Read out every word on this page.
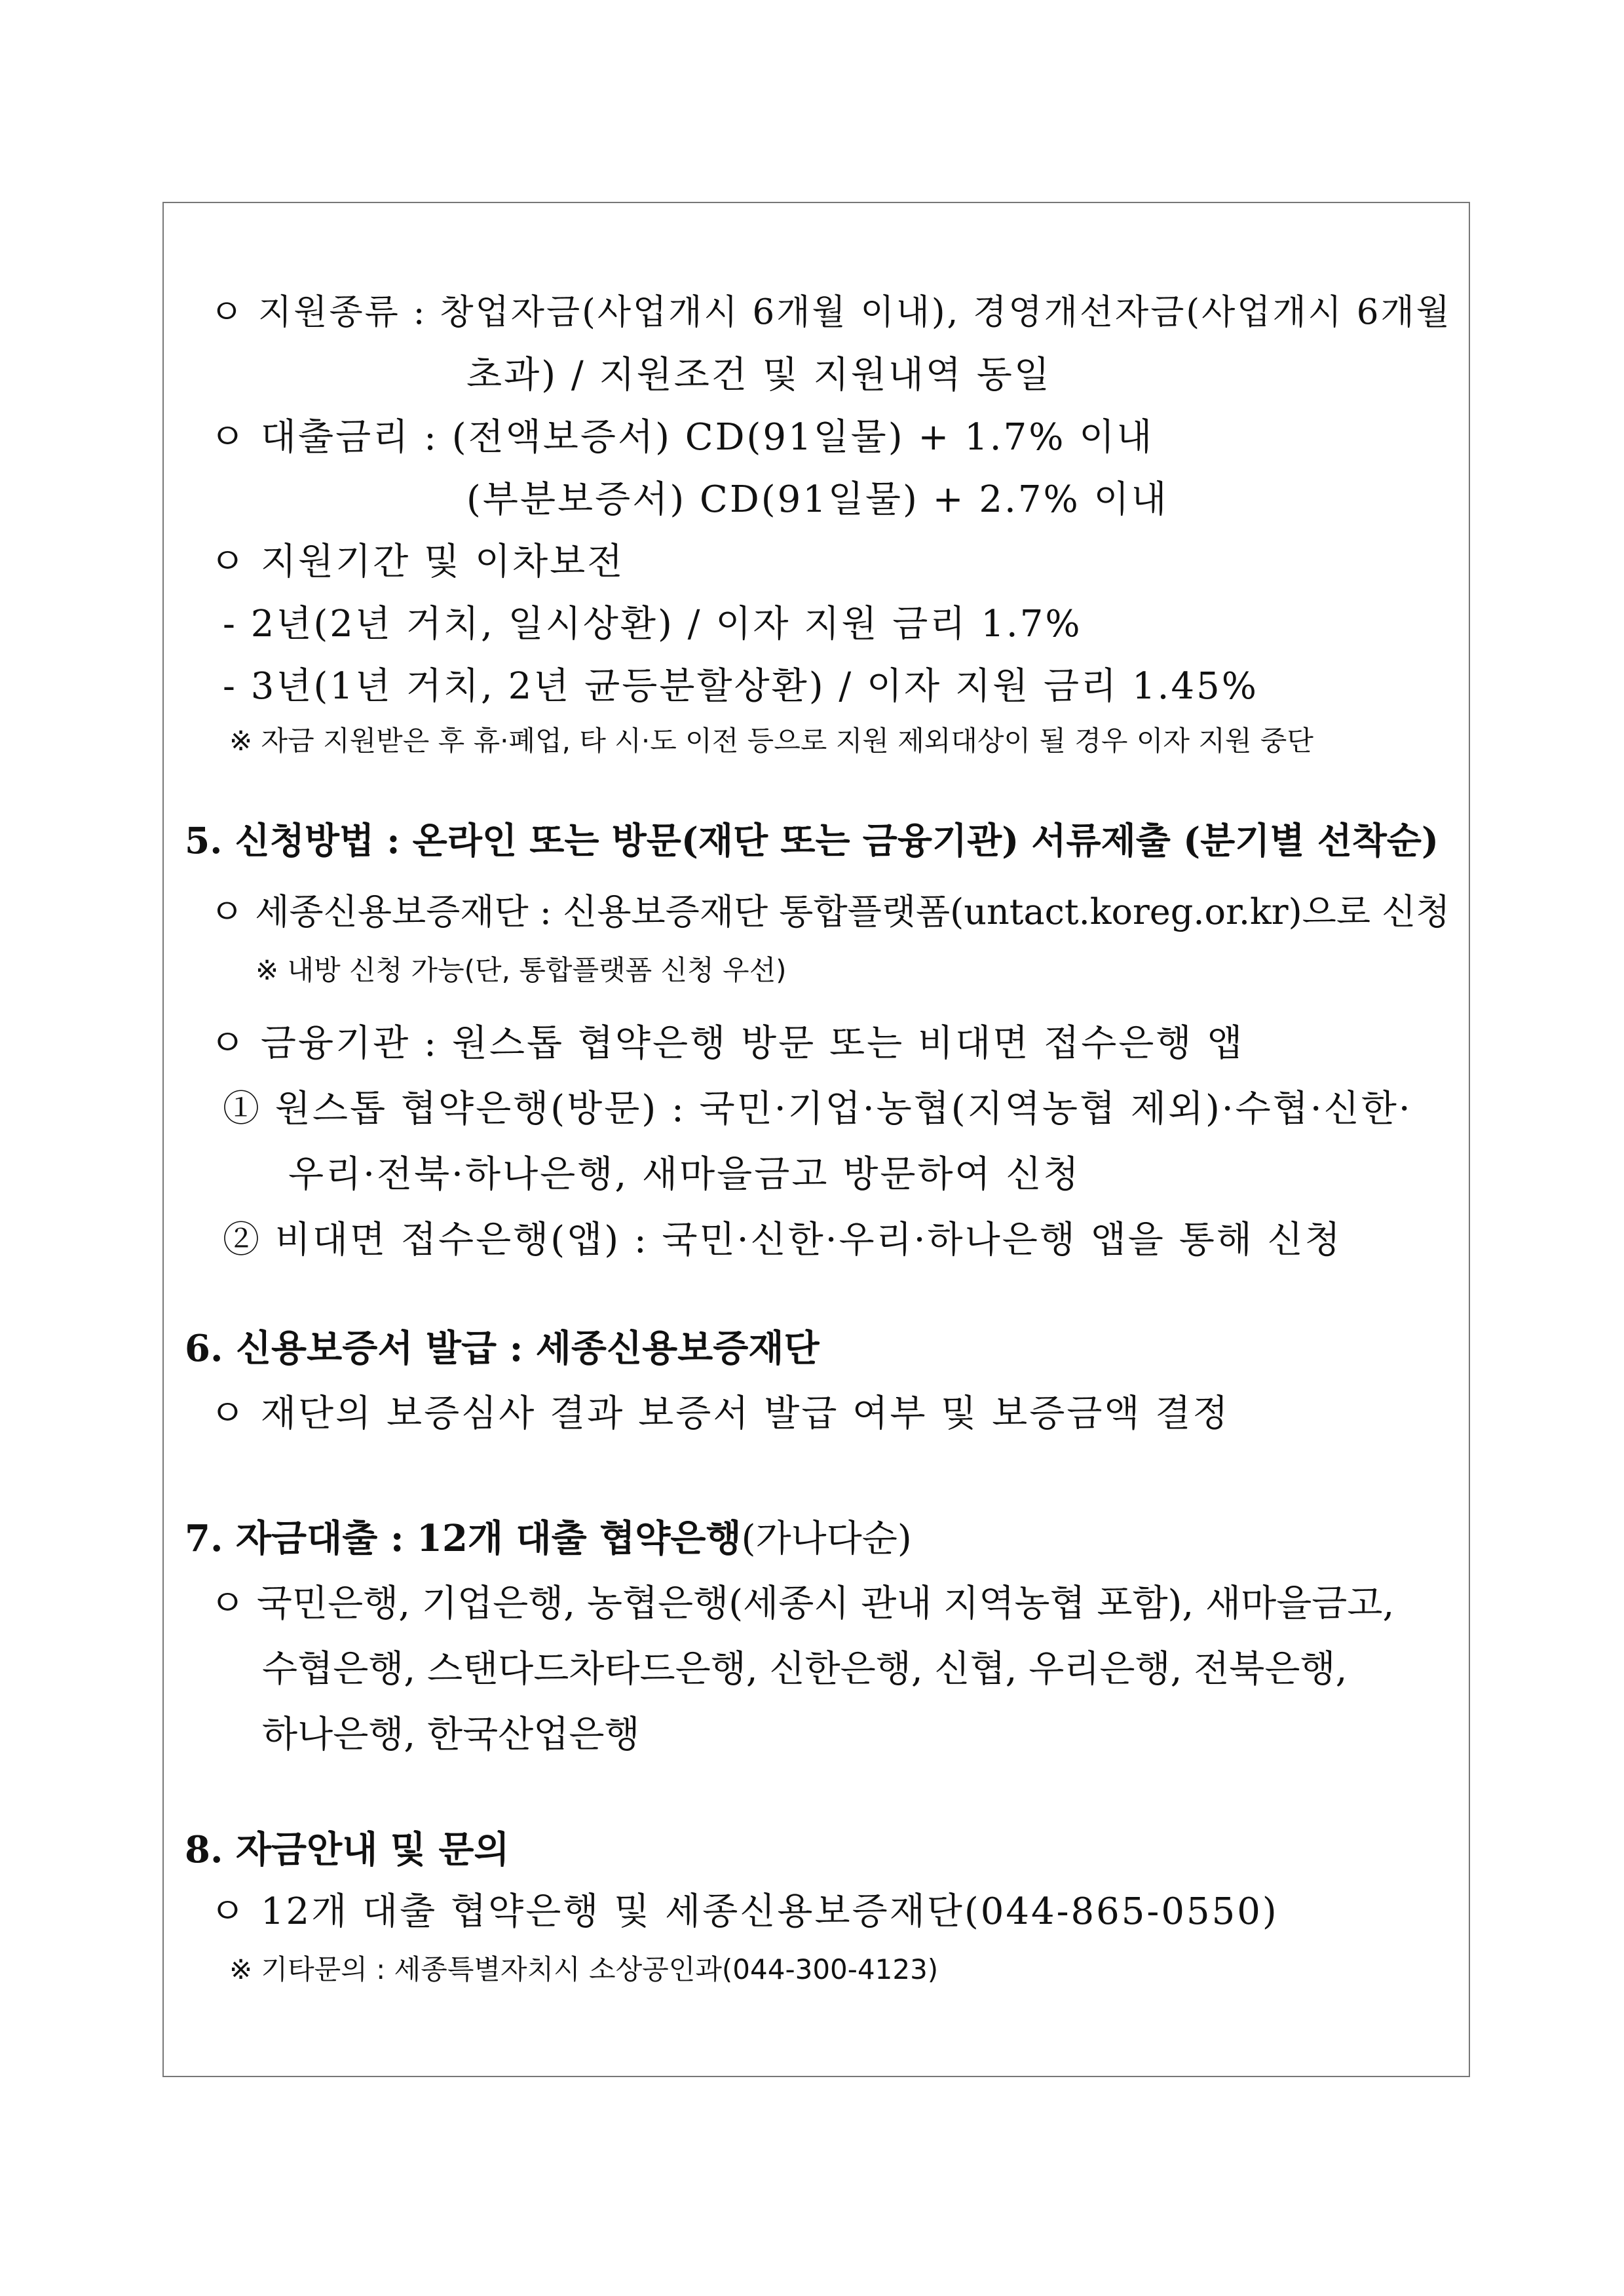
ㅇ 지원종류 : 창업자금(사업개시 6개월 이내), 경영개선자금(사업개시 6개월
초과) / 지원조건 및 지원내역 동일
ㅇ 대출금리 : (전액보증서) CD(91일물) + 1.7% 이내
(부분보증서) CD(91일물) + 2.7% 이내
ㅇ 지원기간 및 이차보전
- 2년(2년 거치, 일시상환) / 이자 지원 금리 1.7%
- 3년(1년 거치, 2년 균등분할상환) / 이자 지원 금리 1.45%
※ 자금 지원받은 후 휴·폐업, 타 시·도 이전 등으로 지원 제외대상이 될 경우 이자 지원 중단
5. 신청방법 : 온라인 또는 방문(재단 또는 금융기관) 서류제출 (분기별 선착순)
ㅇ 세종신용보증재단 : 신용보증재단 통합플랫폼(untact.koreg.or.kr)으로 신청
※ 내방 신청 가능(단, 통합플랫폼 신청 우선)
ㅇ 금융기관 : 원스톱 협약은행 방문 또는 비대면 접수은행 앱
① 원스톱 협약은행(방문) : 국민·기업·농협(지역농협 제외)·수협·신한·
우리·전북·하나은행, 새마을금고 방문하여 신청
② 비대면 접수은행(앱) : 국민·신한·우리·하나은행 앱을 통해 신청
6. 신용보증서 발급 : 세종신용보증재단
ㅇ 재단의 보증심사 결과 보증서 발급 여부 및 보증금액 결정
7. 자금대출 : 12개 대출 협약은행(가나다순)
ㅇ 국민은행, 기업은행, 농협은행(세종시 관내 지역농협 포함), 새마을금고,
수협은행, 스탠다드차타드은행, 신한은행, 신협, 우리은행, 전북은행,
하나은행, 한국산업은행
8. 자금안내 및 문의
ㅇ 12개 대출 협약은행 및 세종신용보증재단(044-865-0550)
※ 기타문의 : 세종특별자치시 소상공인과(044-300-4123)
